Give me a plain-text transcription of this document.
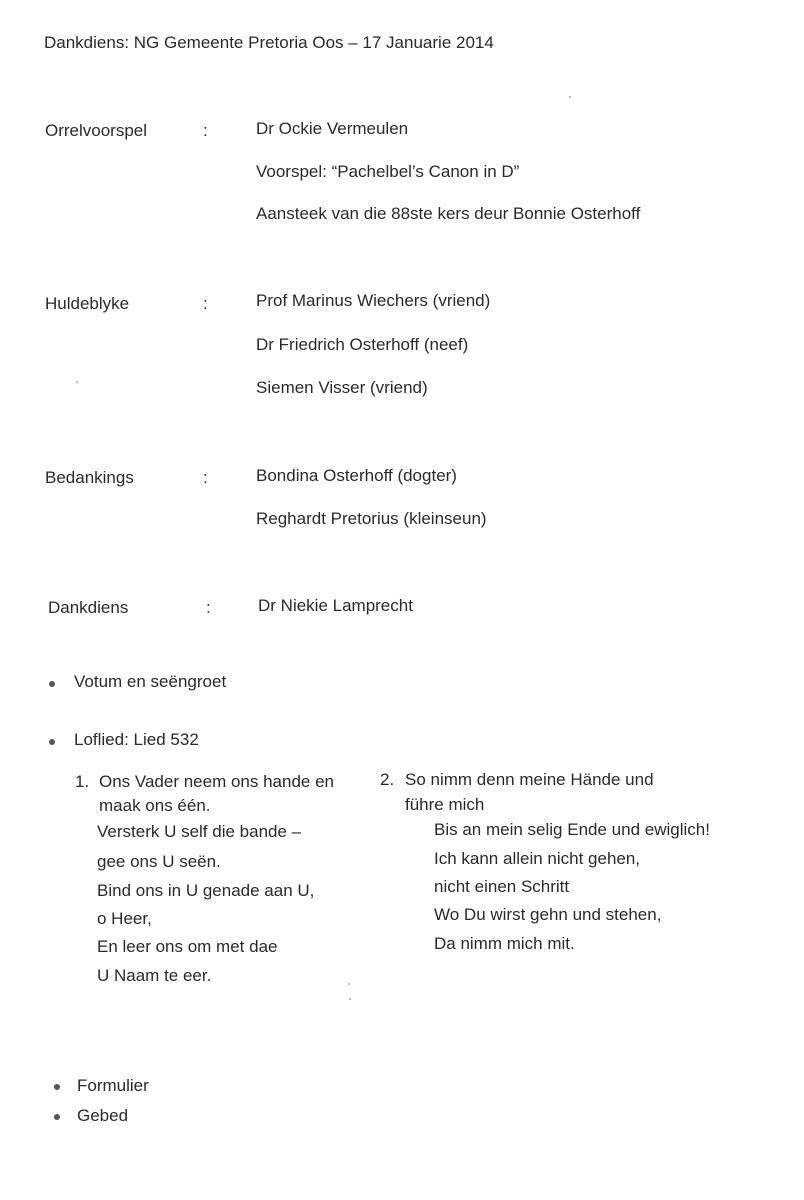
Dankdiens: NG Gemeente Pretoria Oos – 17 Januarie 2014
Orrelvoorspel	:	Dr Ockie Vermeulen
Voorspel: “Pachelbel’s Canon in D”
Aansteek van die 88ste kers deur Bonnie Osterhoff
Huldeblyke	:	Prof Marinus Wiechers (vriend)
Dr Friedrich Osterhoff (neef)
Siemen Visser (vriend)
Bedankings	:	Bondina Osterhoff (dogter)
Reghardt Pretorius (kleinseun)
Dankdiens	:	Dr Niekie Lamprecht
Votum en seëngroet
Loflied: Lied 532
1. Ons Vader neem ons hande en
maak ons één.
Versterk U self die bande –
gee ons U seën.
Bind ons in U genade aan U,
o Heer,
En leer ons om met dae
U Naam te eer.
2. So nimm denn meine Hände und
führe mich
Bis an mein selig Ende und ewiglich!
Ich kann allein nicht gehen,
nicht einen Schritt
Wo Du wirst gehn und stehen,
Da nimm mich mit.
Formulier
Gebed
